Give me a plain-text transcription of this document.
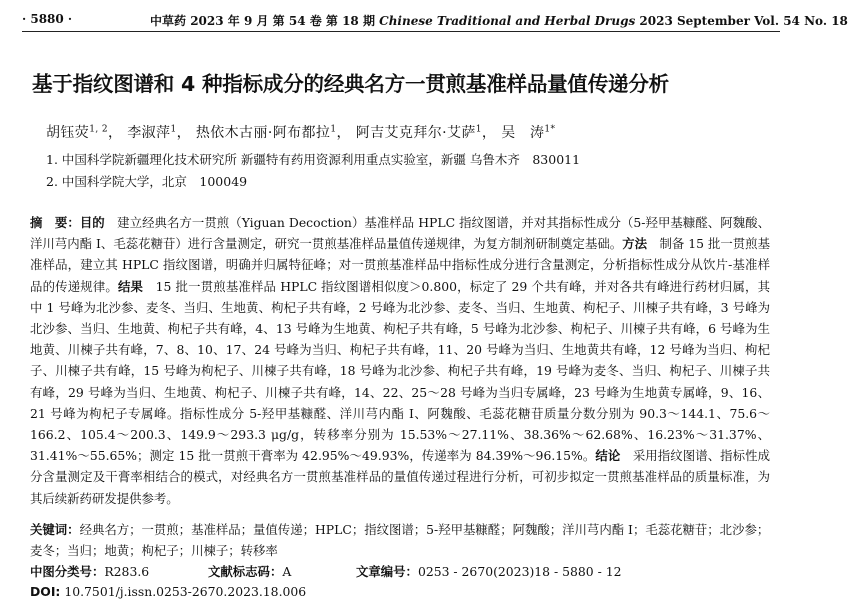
· 5880 ·	中草药 2023 年 9 月 第 54 卷 第 18 期 Chinese Traditional and Herbal Drugs 2023 September Vol. 54 No. 18
基于指纹图谱和 4 种指标成分的经典名方一贯煎基准样品量值传递分析
胡钰荧$^{1, 2}$， 李淑萍$^1$， 热依木古丽·阿布都拉$^1$， 阿吉艾克拜尔·艾萨$^1$， 吴　涛$^{1*}$
1. 中国科学院新疆理化技术研究所 新疆特有药用资源利用重点实验室，新疆 乌鲁木齐　830011
2. 中国科学院大学，北京　100049
摘　要：目的　建立经典名方一贯煎（Yiguan Decoction）基准样品 HPLC 指纹图谱，并对其指标性成分（5-羟甲基糠醛、阿魏酸、洋川芎内酯 I、毛蕊花糖苷）进行含量测定，研究一贯煎基准样品量值传递规律，为复方制剂研制奠定基础。方法　制备 15 批一贯煎基准样品，建立其 HPLC 指纹图谱，明确并归属特征峰；对一贯煎基准样品中指标性成分进行含量测定，分析指标性成分从饮片-基准样品的传递规律。结果　15 批一贯煎基准样品 HPLC 指纹图谱相似度＞0.800，标定了 29 个共有峰，并对各共有峰进行药材归属，其中 1 号峰为北沙参、麦冬、当归、生地黄、枸杞子共有峰，2 号峰为北沙参、麦冬、当归、生地黄、枸杞子、川楝子共有峰，3 号峰为北沙参、当归、生地黄、枸杞子共有峰，4、13 号峰为生地黄、枸杞子共有峰，5 号峰为北沙参、枸杞子、川楝子共有峰，6 号峰为生地黄、川楝子共有峰，7、8、10、17、24 号峰为当归、枸杞子共有峰，11、20 号峰为当归、生地黄共有峰，12 号峰为当归、枸杞子、川楝子共有峰，15 号峰为枸杞子、川楝子共有峰，18 号峰为北沙参、枸杞子共有峰，19 号峰为麦冬、当归、枸杞子、川楝子共有峰，29 号峰为当归、生地黄、枸杞子、川楝子共有峰，14、22、25～28 号峰为当归专属峰，23 号峰为生地黄专属峰，9、16、21 号峰为枸杞子专属峰。指标性成分 5-羟甲基糠醛、洋川芎内酯 I、阿魏酸、毛蕊花糖苷质量分数分别为 90.3～144.1、75.6～166.2、105.4～200.3、149.9～293.3 μg/g，转移率分别为 15.53%～27.11%、38.36%～62.68%、16.23%～31.37%、31.41%～55.65%；测定 15 批一贯煎干膏率为 42.95%～49.93%，传递率为 84.39%～96.15%。结论　采用指纹图谱、指标性成分含量测定及干膏率相结合的模式，对经典名方一贯煎基准样品的量值传递过程进行分析，可初步拟定一贯煎基准样品的质量标准，为其后续新药研发提供参考。
关键词：经典名方；一贯煎；基准样品；量值传递；HPLC；指纹图谱；5-羟甲基糠醛；阿魏酸；洋川芎内酯 I；毛蕊花糖苷；北沙参；麦冬；当归；地黄；枸杞子；川楝子；转移率
中图分类号：R283.6	文献标志码：A	文章编号：0253 - 2670(2023)18 - 5880 - 12
DOI: 10.7501/j.issn.0253-2670.2023.18.006
